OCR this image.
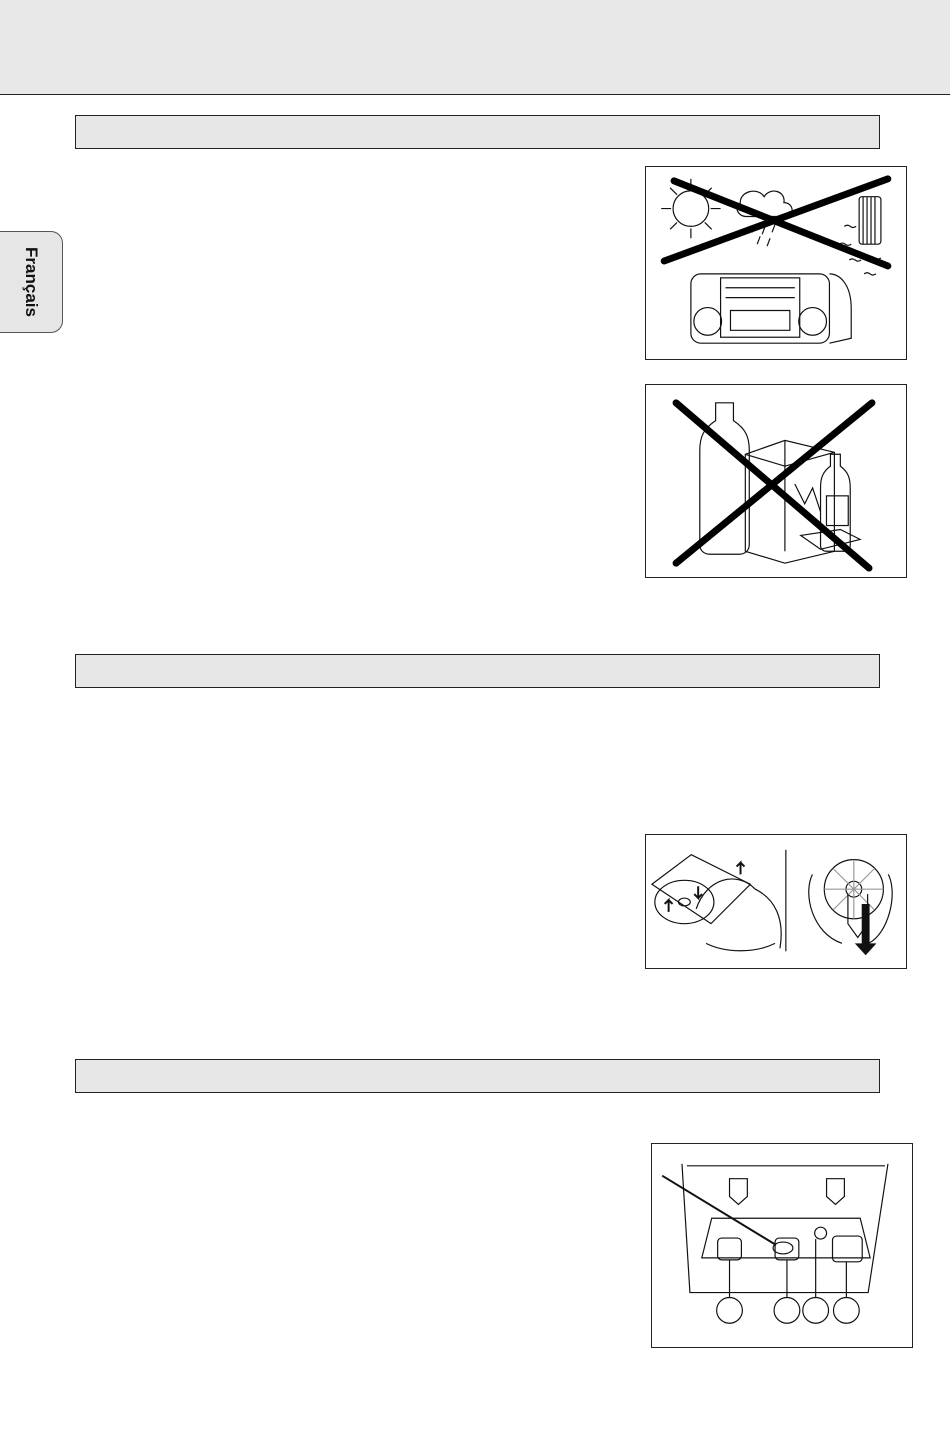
Français
